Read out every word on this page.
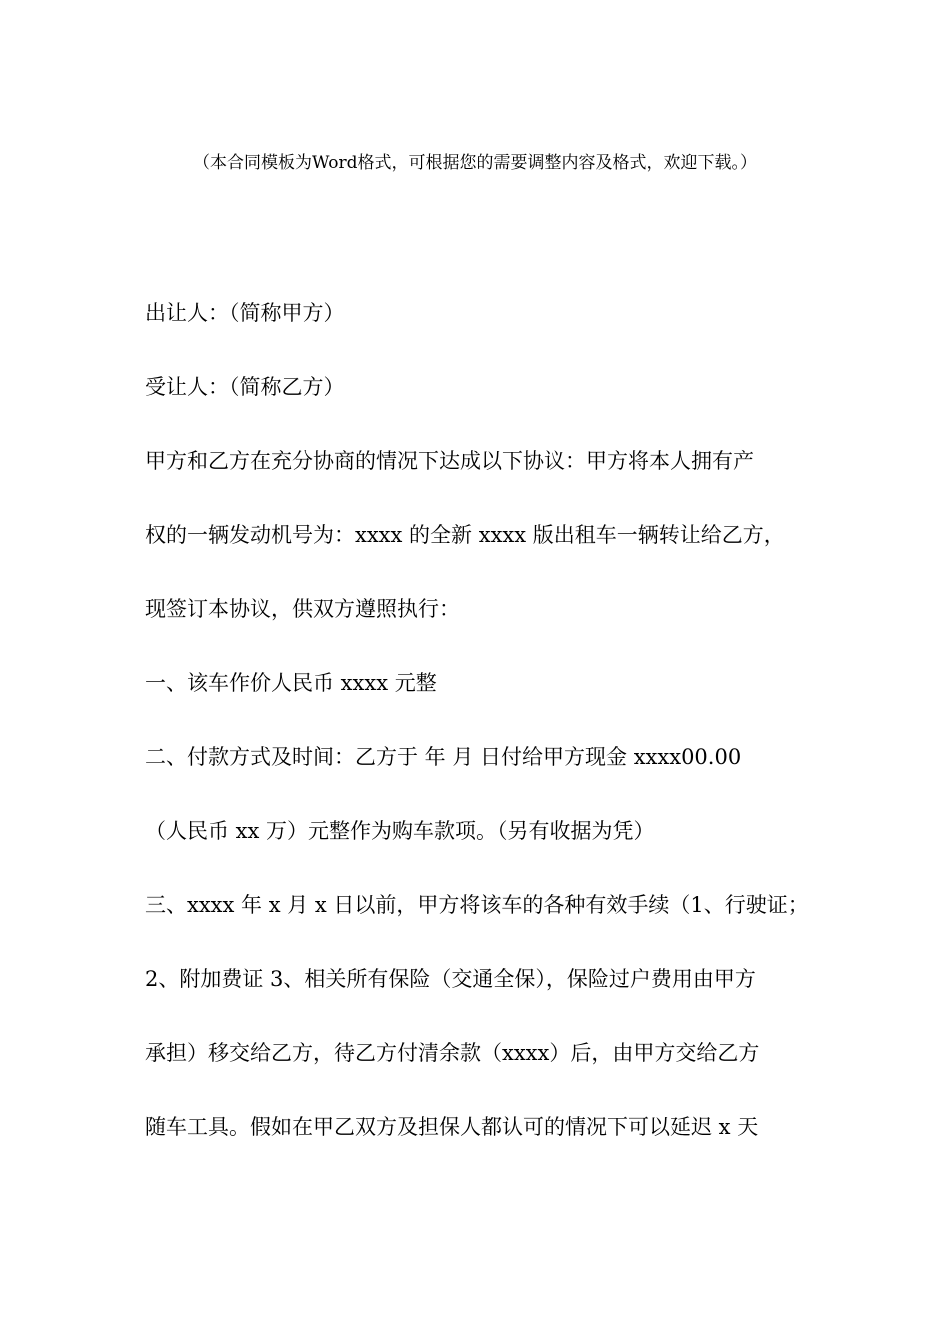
（本合同模板为Word格式，可根据您的需要调整内容及格式，欢迎下载。）
出让人：（简称甲方）
受让人：（简称乙方）
甲方和乙方在充分协商的情况下达成以下协议：甲方将本人拥有产
权的一辆发动机号为：xxxx 的全新 xxxx 版出租车一辆转让给乙方，
现签订本协议，供双方遵照执行：
一、该车作价人民币 xxxx 元整
二、付款方式及时间：乙方于 年 月 日付给甲方现金 xxxx00.00
（人民币 xx 万）元整作为购车款项。（另有收据为凭）
三、xxxx 年 x 月 x 日以前，甲方将该车的各种有效手续（1、行驶证；
2、附加费证 3、相关所有保险（交通全保），保险过户费用由甲方
承担）移交给乙方，待乙方付清余款（xxxx）后，由甲方交给乙方
随车工具。假如在甲乙双方及担保人都认可的情况下可以延迟 x 天
